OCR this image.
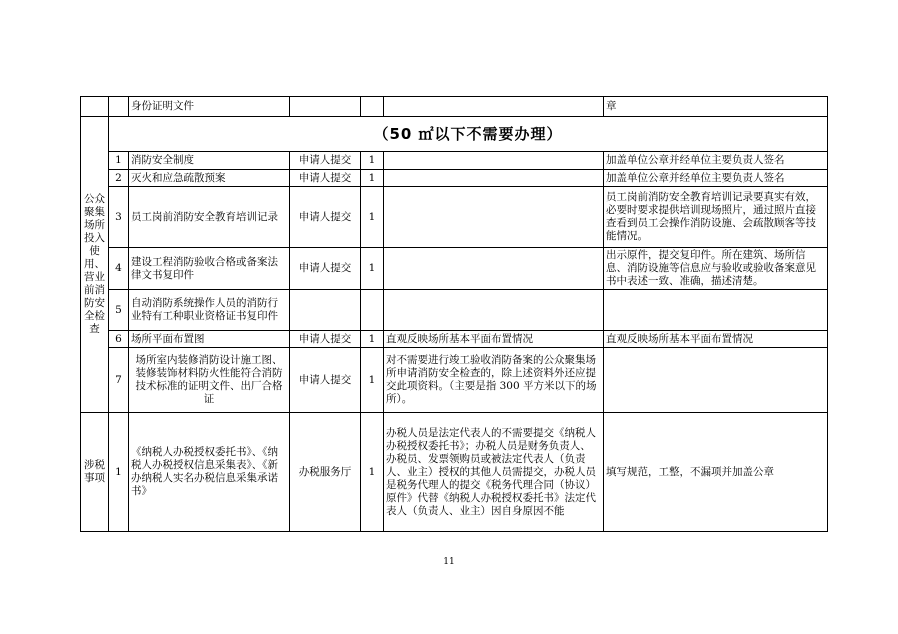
		身份证明文件				章
公众聚集场所投入使用、营业前消防安全检查	（50 ㎡以下不需要办理）					
	1	消防安全制度	申请人提交	1		加盖单位公章并经单位主要负责人签名
	2	灭火和应急疏散预案	申请人提交	1		加盖单位公章并经单位主要负责人签名
	3	员工岗前消防安全教育培训记录	申请人提交	1		员工岗前消防安全教育培训记录要真实有效，必要时要求提供培训现场照片，通过照片直接查看到员工会操作消防设施、会疏散顾客等技能情况。
	4	建设工程消防验收合格或备案法律文书复印件	申请人提交	1		出示原件，提交复印件。所在建筑、场所信息、消防设施等信息应与验收或验收备案意见书中表述一致、准确，描述清楚。
	5	自动消防系统操作人员的消防行业特有工种职业资格证书复印件				
	6	场所平面布置图	申请人提交	1	直观反映场所基本平面布置情况	直观反映场所基本平面布置情况
	7	场所室内装修消防设计施工图、装修装饰材料防火性能符合消防技术标准的证明文件、出厂合格证	申请人提交	1	对不需要进行竣工验收消防备案的公众聚集场所申请消防安全检查的，除上述资料外还应提交此项资料。（主要是指 300 平方米以下的场所）。	
涉税事项	1	《纳税人办税授权委托书》、《纳税人办税授权信息采集表》、《新办纳税人实名办税信息采集承诺书》	办税服务厅	1	办税人员是法定代表人的不需要提交《纳税人办税授权委托书》；办税人员是财务负责人、办税员、发票领购员或被法定代表人（负责人、业主）授权的其他人员需提交，办税人员是税务代理人的提交《税务代理合同（协议）原件》代替《纳税人办税授权委托书》法定代表人（负责人、业主）因自身原因不能	填写规范，工整，不漏项并加盖公章
11
